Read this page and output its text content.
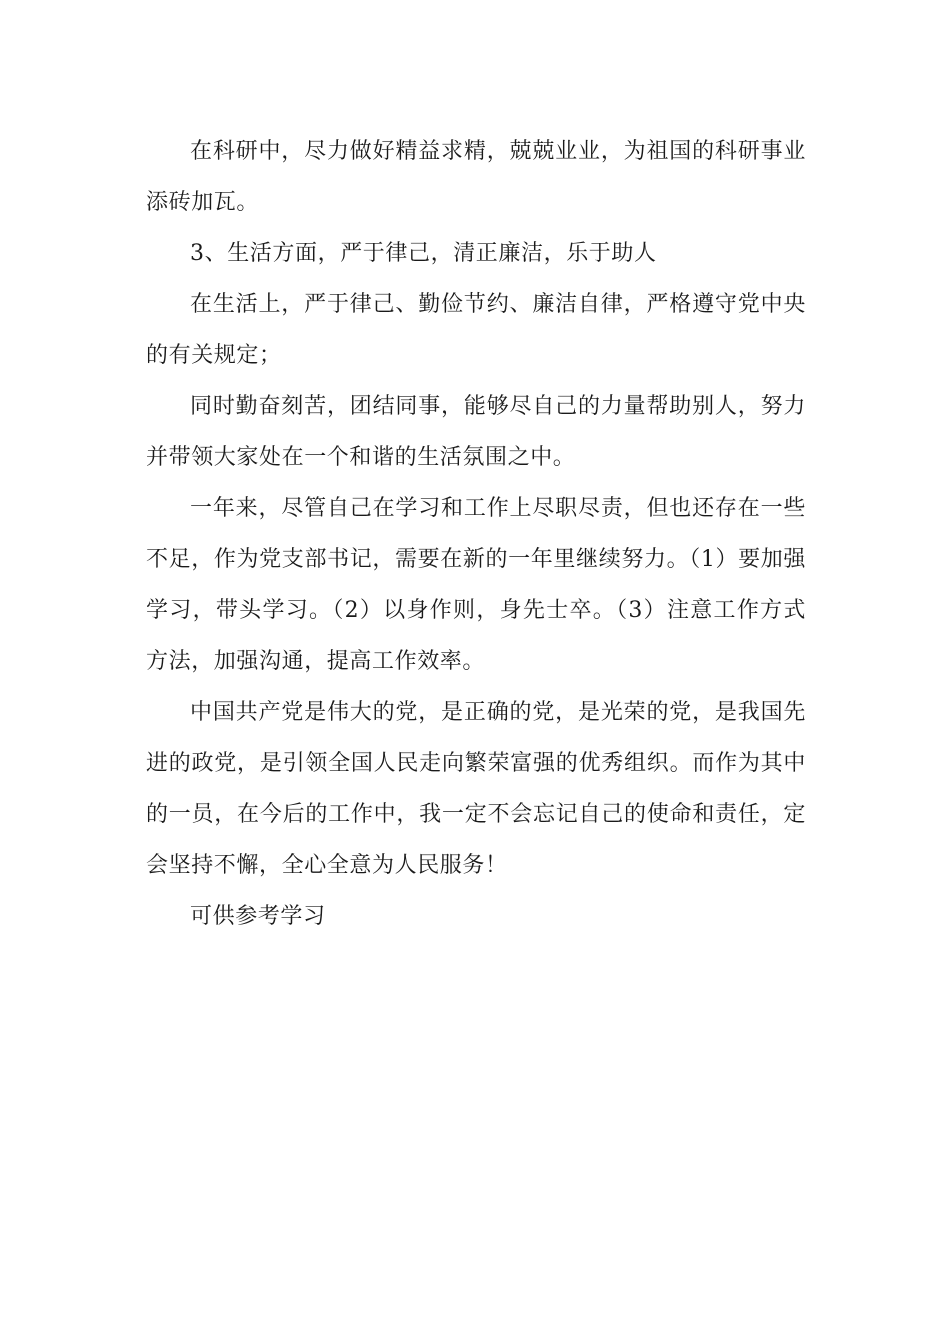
在科研中，尽力做好精益求精，兢兢业业，为祖国的科研事业添砖加瓦。

3、生活方面，严于律己，清正廉洁，乐于助人

在生活上，严于律己、勤俭节约、廉洁自律，严格遵守党中央的有关规定；

同时勤奋刻苦，团结同事，能够尽自己的力量帮助别人，努力并带领大家处在一个和谐的生活氛围之中。

一年来，尽管自己在学习和工作上尽职尽责，但也还存在一些不足，作为党支部书记，需要在新的一年里继续努力。（1）要加强学习，带头学习。（2）以身作则，身先士卒。（3）注意工作方式方法，加强沟通，提高工作效率。

中国共产党是伟大的党，是正确的党，是光荣的党，是我国先进的政党，是引领全国人民走向繁荣富强的优秀组织。而作为其中的一员，在今后的工作中，我一定不会忘记自己的使命和责任，定会坚持不懈，全心全意为人民服务！

可供参考学习
